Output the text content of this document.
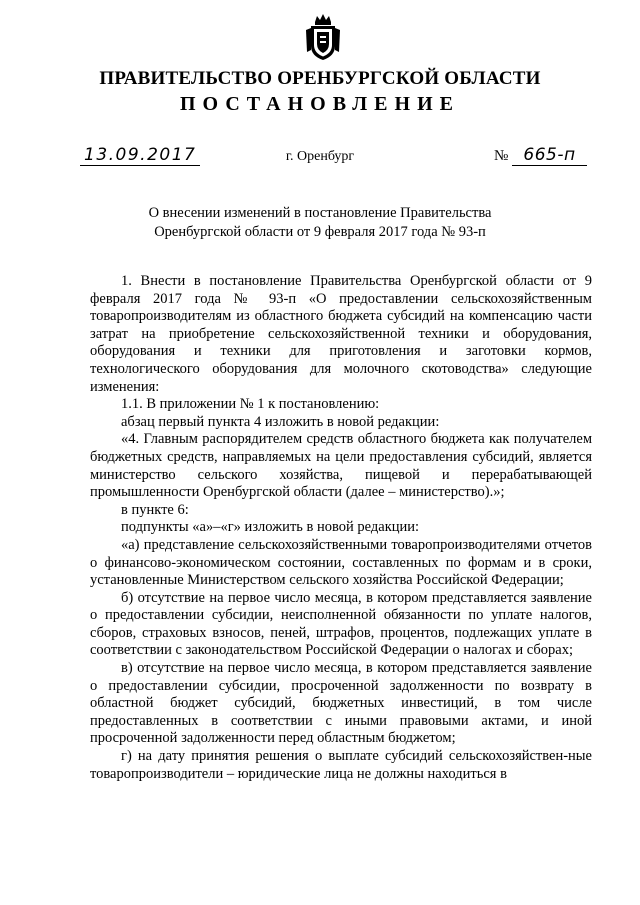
ПРАВИТЕЛЬСТВО ОРЕНБУРГСКОЙ ОБЛАСТИ
ПОСТАНОВЛЕНИЕ
13.09.2017	г. Оренбург	№ 665-п
О внесении изменений в постановление Правительства
Оренбургской области от 9 февраля 2017 года № 93-п

1. Внести в постановление Правительства Оренбургской области от 9 февраля 2017 года № 93-п «О предоставлении сельскохозяйственным товаропроизводителям из областного бюджета субсидий на компенсацию части затрат на приобретение сельскохозяйственной техники и оборудования, оборудования и техники для приготовления и заготовки кормов, технологического оборудования для молочного скотоводства» следующие изменения:

1.1. В приложении № 1 к постановлению:

абзац первый пункта 4 изложить в новой редакции:

«4. Главным распорядителем средств областного бюджета как получателем бюджетных средств, направляемых на цели предоставления субсидий, является министерство сельского хозяйства, пищевой и перерабатывающей промышленности Оренбургской области (далее – министерство).»;

в пункте 6:

подпункты «а»–«г» изложить в новой редакции:

«а) представление сельскохозяйственными товаропроизводителями отчетов о финансово-экономическом состоянии, составленных по формам и в сроки, установленные Министерством сельского хозяйства Российской Федерации;

б) отсутствие на первое число месяца, в котором представляется заявление о предоставлении субсидии, неисполненной обязанности по уплате налогов, сборов, страховых взносов, пеней, штрафов, процентов, подлежащих уплате в соответствии с законодательством Российской Федерации о налогах и сборах;

в) отсутствие на первое число месяца, в котором представляется заявление о предоставлении субсидии, просроченной задолженности по возврату в областной бюджет субсидий, бюджетных инвестиций, в том числе предоставленных в соответствии с иными правовыми актами, и иной просроченной задолженности перед областным бюджетом;

г) на дату принятия решения о выплате субсидий сельскохозяйствен-ные товаропроизводители – юридические лица не должны находиться в
